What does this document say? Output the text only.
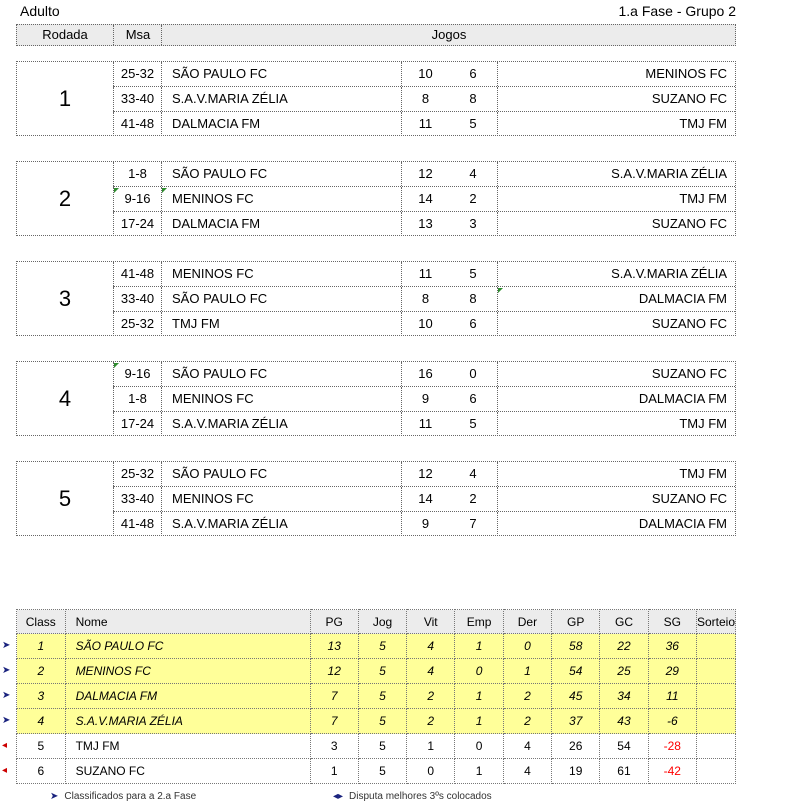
Adulto	1.a Fase - Grupo 2
Rodada	Msa	Jogos
1
25-32	SÃO PAULO FC	10	6	MENINOS FC
33-40	S.A.V.MARIA ZÉLIA	8	8	SUZANO FC
41-48	DALMACIA FM	11	5	TMJ FM
2
1-8	SÃO PAULO FC	12	4	S.A.V.MARIA ZÉLIA
9-16	MENINOS FC	14	2	TMJ FM
17-24	DALMACIA FM	13	3	SUZANO FC
3
41-48	MENINOS FC	11	5	S.A.V.MARIA ZÉLIA
33-40	SÃO PAULO FC	8	8	DALMACIA FM
25-32	TMJ FM	10	6	SUZANO FC
4
9-16	SÃO PAULO FC	16	0	SUZANO FC
1-8	MENINOS FC	9	6	DALMACIA FM
17-24	S.A.V.MARIA ZÉLIA	11	5	TMJ FM
5
25-32	SÃO PAULO FC	12	4	TMJ FM
33-40	MENINOS FC	14	2	SUZANO FC
41-48	S.A.V.MARIA ZÉLIA	9	7	DALMACIA FM
Class	Nome	PG	Jog	Vit	Emp	Der	GP	GC	SG	Sorteio
1	SÃO PAULO FC	13	5	4	1	0	58	22	36	
2	MENINOS FC	12	5	4	0	1	54	25	29	
3	DALMACIA FM	7	5	2	1	2	45	34	11	
4	S.A.V.MARIA ZÉLIA	7	5	2	1	2	37	43	-6	
5	TMJ FM	3	5	1	0	4	26	54	-28	
6	SUZANO FC	1	5	0	1	4	19	61	-42	
➤
➤
➤
➤
◂
◂
➤ Classificados para a 2.a Fase	◂▸ Disputa melhores 3ºs colocados
